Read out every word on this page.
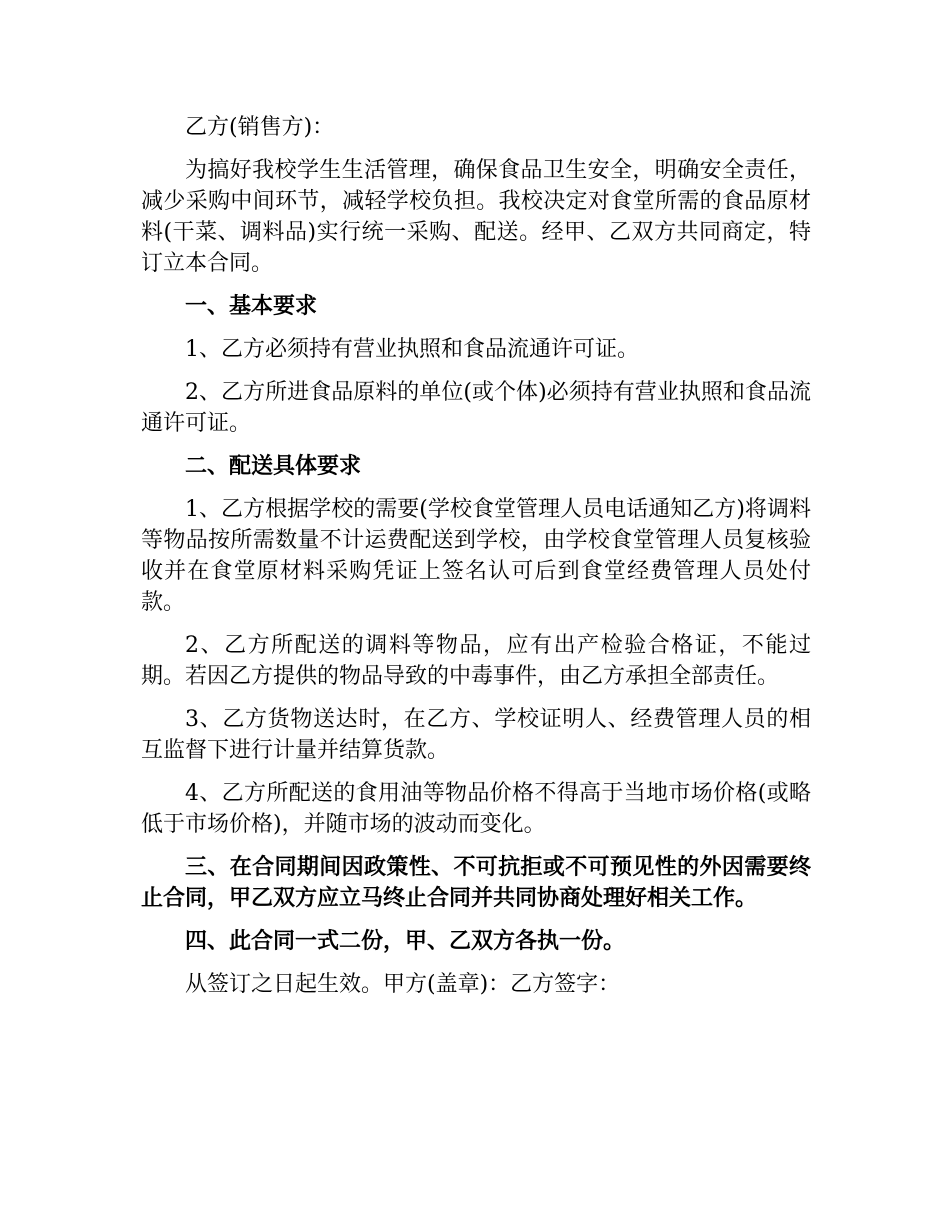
乙方(销售方)：

为搞好我校学生生活管理，确保食品卫生安全，明确安全责任，减少采购中间环节，减轻学校负担。我校决定对食堂所需的食品原材料(干菜、调料品)实行统一采购、配送。经甲、乙双方共同商定，特订立本合同。

一、基本要求

1、乙方必须持有营业执照和食品流通许可证。

2、乙方所进食品原料的单位(或个体)必须持有营业执照和食品流通许可证。

二、配送具体要求

1、乙方根据学校的需要(学校食堂管理人员电话通知乙方)将调料等物品按所需数量不计运费配送到学校，由学校食堂管理人员复核验收并在食堂原材料采购凭证上签名认可后到食堂经费管理人员处付款。

2、乙方所配送的调料等物品，应有出产检验合格证，不能过期。若因乙方提供的物品导致的中毒事件，由乙方承担全部责任。

3、乙方货物送达时，在乙方、学校证明人、经费管理人员的相互监督下进行计量并结算货款。

4、乙方所配送的食用油等物品价格不得高于当地市场价格(或略低于市场价格)，并随市场的波动而变化。

三、在合同期间因政策性、不可抗拒或不可预见性的外因需要终止合同，甲乙双方应立马终止合同并共同协商处理好相关工作。

四、此合同一式二份，甲、乙双方各执一份。

从签订之日起生效。甲方(盖章)：乙方签字：
